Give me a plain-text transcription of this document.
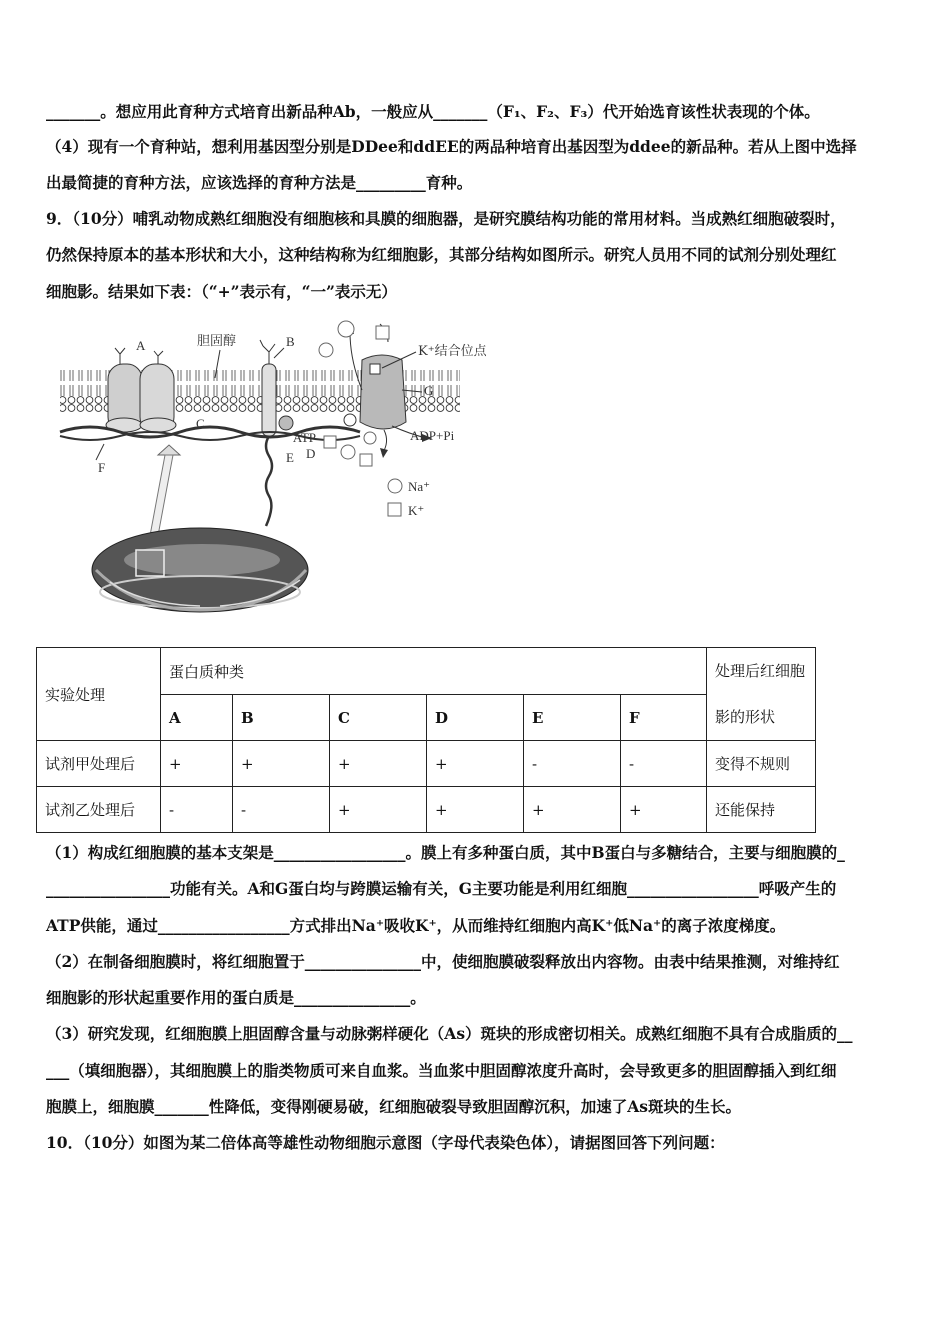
_______。想应用此育种方式培育出新品种Ab，一般应从_______（F₁、F₂、F₃）代开始选育该性状表现的个体。
（4）现有一个育种站，想利用基因型分别是DDee和ddEE的两品种培育出基因型为ddee的新品种。若从上图中选择
出最简捷的育种方法，应该选择的育种方法是_________育种。
9．（10分）哺乳动物成熟红细胞没有细胞核和具膜的细胞器，是研究膜结构功能的常用材料。当成熟红细胞破裂时，
仍然保持原本的基本形状和大小，这种结构称为红细胞影，其部分结构如图所示。研究人员用不同的试剂分别处理红
细胞影。结果如下表：（“+”表示有，“一”表示无）
A	胆固醇	B
E D
C
F
G
K⁺结合位点
ATP	ADP+Pi
Na⁺
K⁺
实验处理	蛋白质种类						处理后红细胞影的形状
	A	B	C	D	E	F	
试剂甲处理后	+	+	+	+	-	-	变得不规则
试剂乙处理后	-	-	+	+	+	+	还能保持
（1）构成红细胞膜的基本支架是_________________。膜上有多种蛋白质，其中B蛋白与多糖结合，主要与细胞膜的_
________________功能有关。A和G蛋白均与跨膜运输有关，G主要功能是利用红细胞_________________呼吸产生的
ATP供能，通过_________________方式排出Na⁺吸收K⁺，从而维持红细胞内高K⁺低Na⁺的离子浓度梯度。
（2）在制备细胞膜时，将红细胞置于_______________中，使细胞膜破裂释放出内容物。由表中结果推测，对维持红
细胞影的形状起重要作用的蛋白质是_______________。
（3）研究发现，红细胞膜上胆固醇含量与动脉粥样硬化（As）斑块的形成密切相关。成熟红细胞不具有合成脂质的__
___（填细胞器），其细胞膜上的脂类物质可来自血浆。当血浆中胆固醇浓度升高时，会导致更多的胆固醇插入到红细
胞膜上，细胞膜_______性降低，变得刚硬易破，红细胞破裂导致胆固醇沉积，加速了As斑块的生长。
10．（10分）如图为某二倍体高等雄性动物细胞示意图（字母代表染色体），请据图回答下列问题：
